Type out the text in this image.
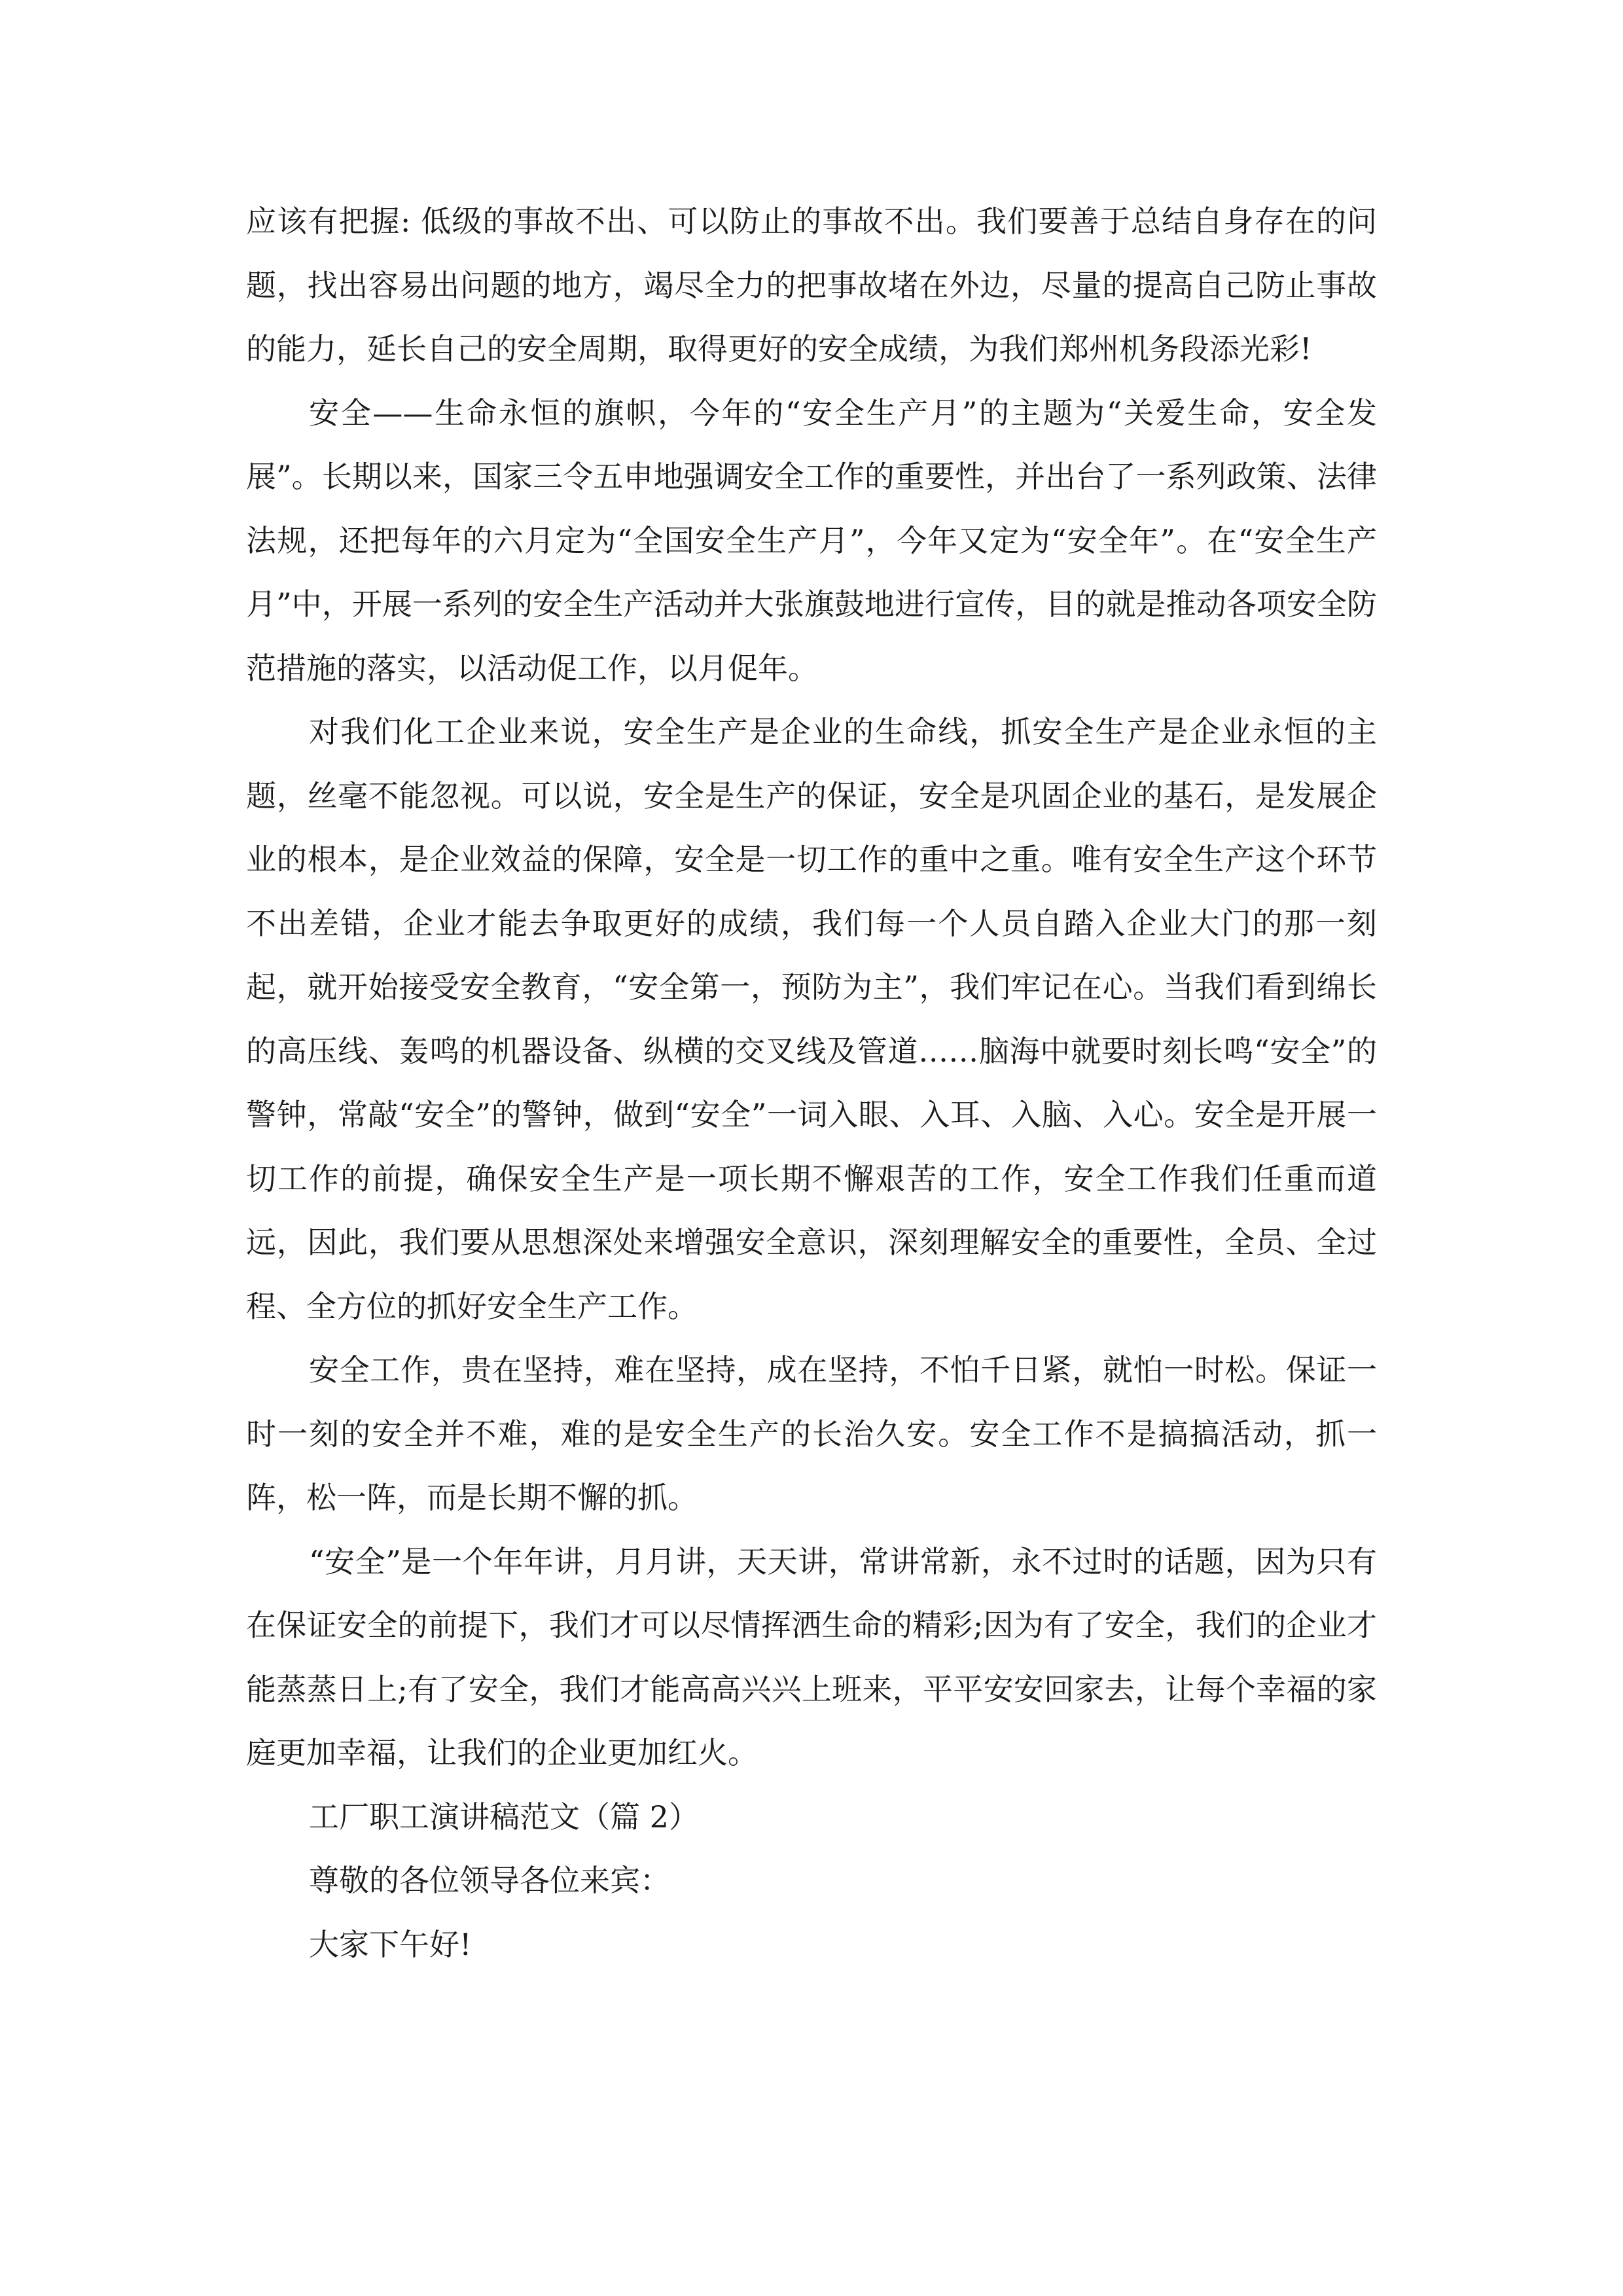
应该有把握: 低级的事故不出、可以防止的事故不出。我们要善于总结自身存在的问题，找出容易出问题的地方，竭尽全力的把事故堵在外边，尽量的提高自己防止事故的能力，延长自己的安全周期，取得更好的安全成绩，为我们郑州机务段添光彩!

安全——生命永恒的旗帜，今年的“安全生产月”的主题为“关爱生命，安全发展”。长期以来，国家三令五申地强调安全工作的重要性，并出台了一系列政策、法律法规，还把每年的六月定为“全国安全生产月”，今年又定为“安全年”。在“安全生产月”中，开展一系列的安全生产活动并大张旗鼓地进行宣传，目的就是推动各项安全防范措施的落实，以活动促工作，以月促年。

对我们化工企业来说，安全生产是企业的生命线，抓安全生产是企业永恒的主题，丝毫不能忽视。可以说，安全是生产的保证，安全是巩固企业的基石，是发展企业的根本，是企业效益的保障，安全是一切工作的重中之重。唯有安全生产这个环节不出差错，企业才能去争取更好的成绩，我们每一个人员自踏入企业大门的那一刻起，就开始接受安全教育，“安全第一，预防为主”，我们牢记在心。当我们看到绵长的高压线、轰鸣的机器设备、纵横的交叉线及管道……脑海中就要时刻长鸣“安全”的警钟，常敲“安全”的警钟，做到“安全”一词入眼、入耳、入脑、入心。安全是开展一切工作的前提，确保安全生产是一项长期不懈艰苦的工作，安全工作我们任重而道远，因此，我们要从思想深处来增强安全意识，深刻理解安全的重要性，全员、全过程、全方位的抓好安全生产工作。

安全工作，贵在坚持，难在坚持，成在坚持，不怕千日紧，就怕一时松。保证一时一刻的安全并不难，难的是安全生产的长治久安。安全工作不是搞搞活动，抓一阵，松一阵，而是长期不懈的抓。

“安全”是一个年年讲，月月讲，天天讲，常讲常新，永不过时的话题，因为只有在保证安全的前提下，我们才可以尽情挥洒生命的精彩;因为有了安全，我们的企业才能蒸蒸日上;有了安全，我们才能高高兴兴上班来，平平安安回家去，让每个幸福的家庭更加幸福，让我们的企业更加红火。

工厂职工演讲稿范文（篇 2）

尊敬的各位领导各位来宾：

大家下午好!
